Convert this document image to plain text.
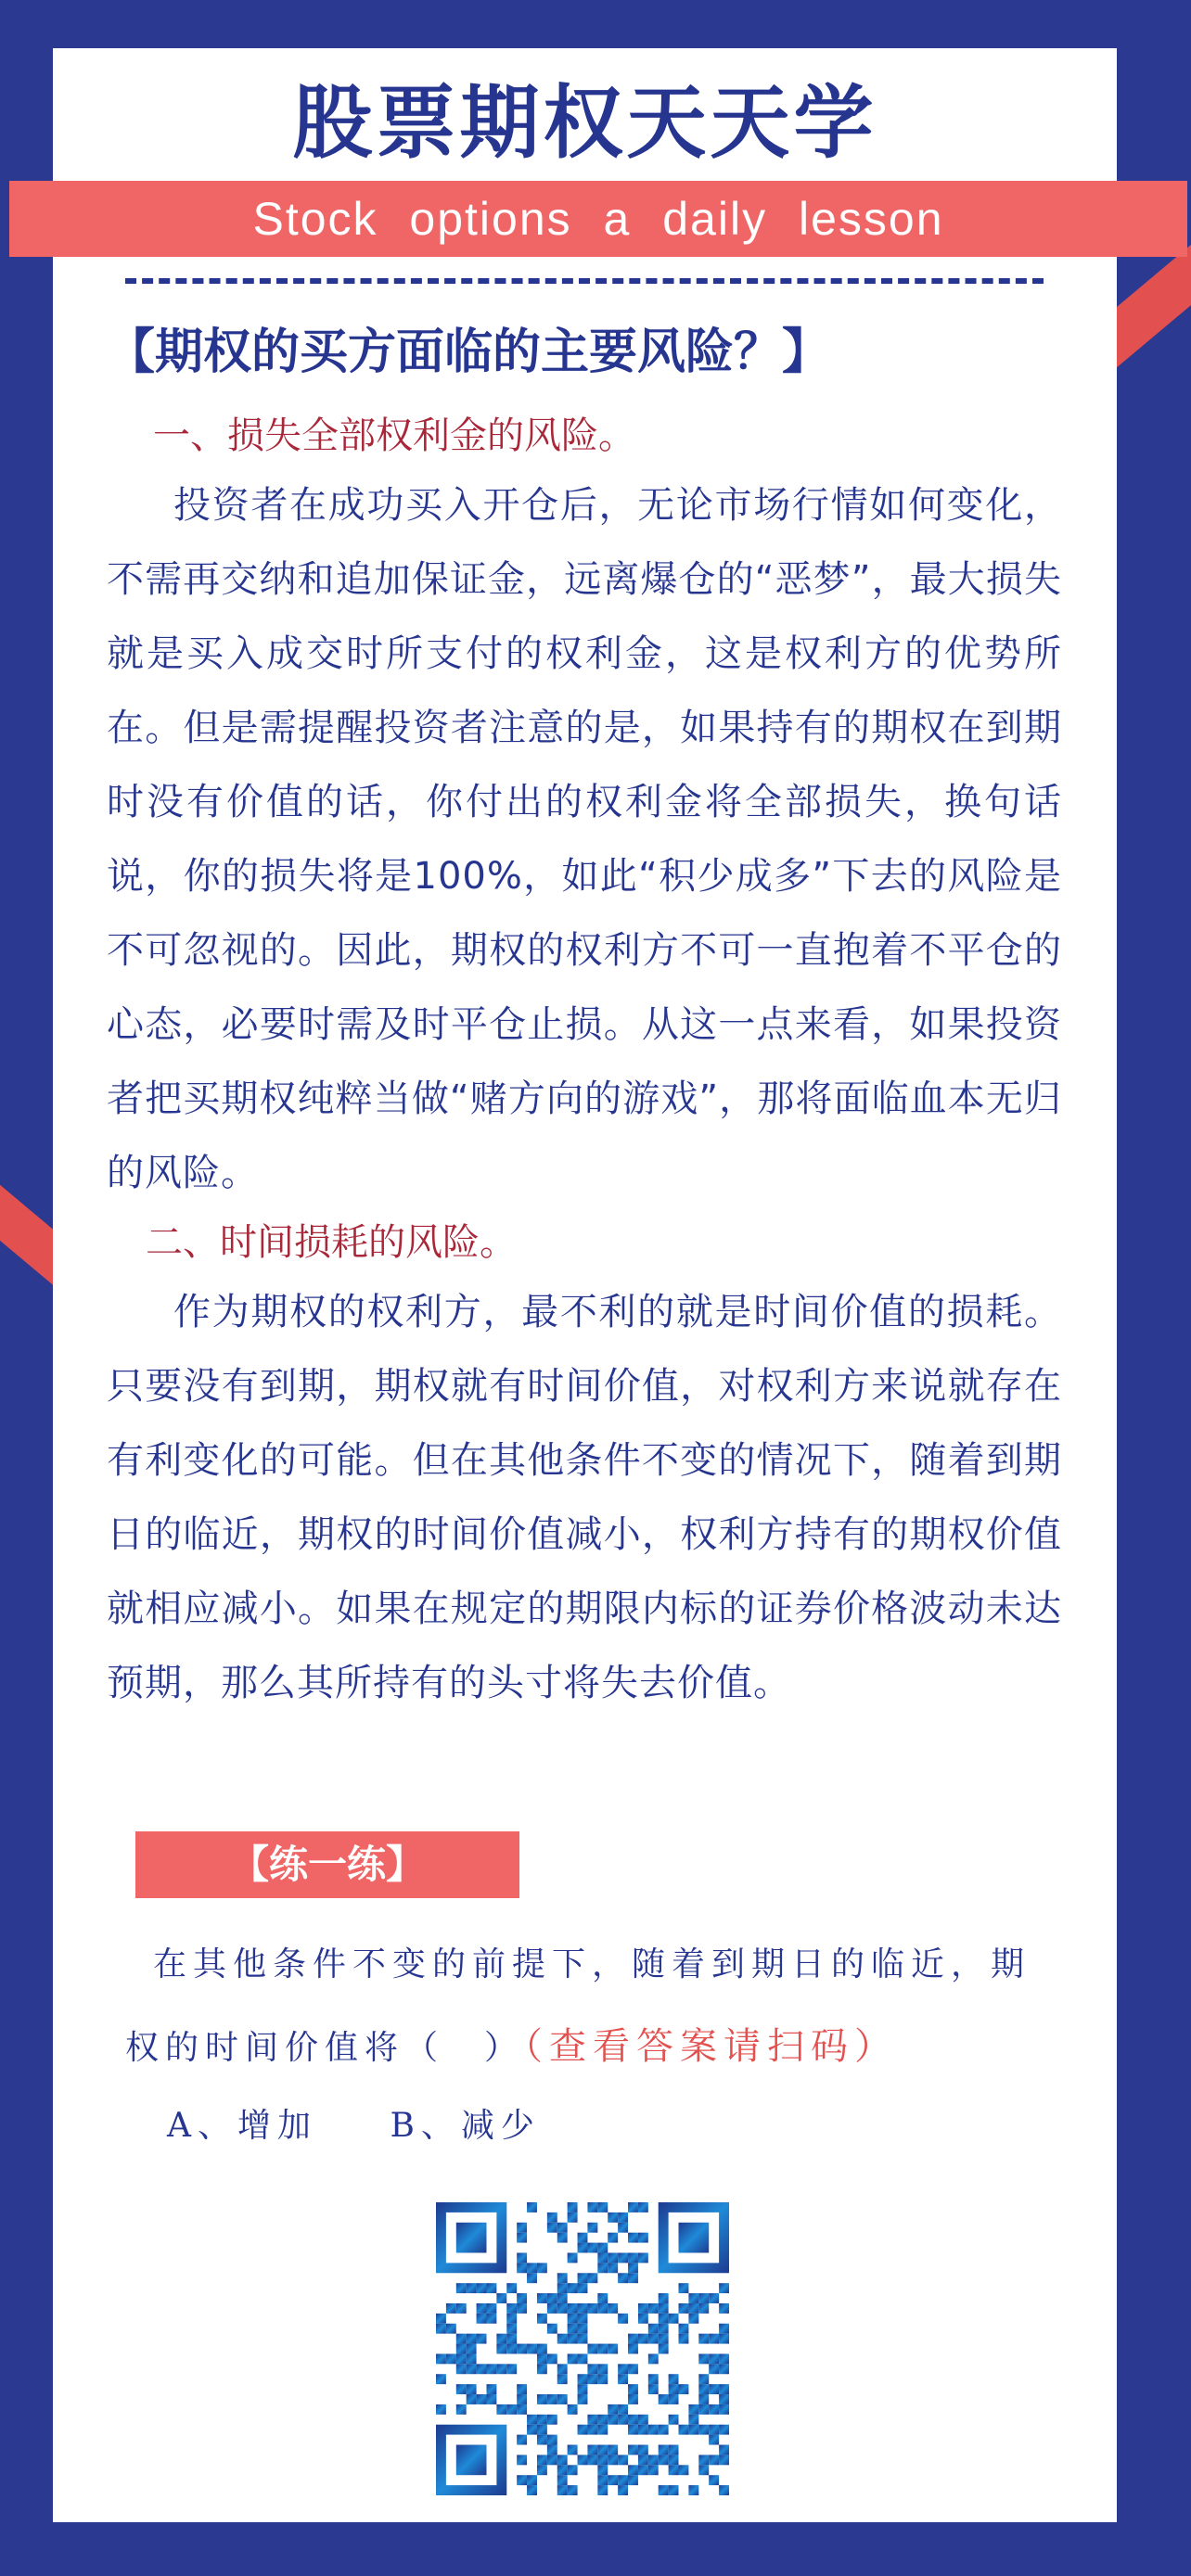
股票期权天天学
Stock options a daily lesson
【期权的买方面临的主要风险？】
一、损失全部权利金的风险。
投资者在成功买入开仓后，无论市场行情如何变化，不需再交纳和追加保证金，远离爆仓的“恶梦”，最大损失就是买入成交时所支付的权利金，这是权利方的优势所在。但是需提醒投资者注意的是，如果持有的期权在到期时没有价值的话，你付出的权利金将全部损失，换句话说，你的损失将是100%，如此“积少成多”下去的风险是不可忽视的。因此，期权的权利方不可一直抱着不平仓的心态，必要时需及时平仓止损。从这一点来看，如果投资者把买期权纯粹当做“赌方向的游戏”，那将面临血本无归的风险。
二、时间损耗的风险。
作为期权的权利方，最不利的就是时间价值的损耗。只要没有到期，期权就有时间价值，对权利方来说就存在有利变化的可能。但在其他条件不变的情况下，随着到期日的临近，期权的时间价值减小，权利方持有的期权价值就相应减小。如果在规定的期限内标的证券价格波动未达预期，那么其所持有的头寸将失去价值。
【练一练】
在其他条件不变的前提下，随着到期日的临近，期权的时间价值将（　）（查看答案请扫码）
A、增加 B、减少
